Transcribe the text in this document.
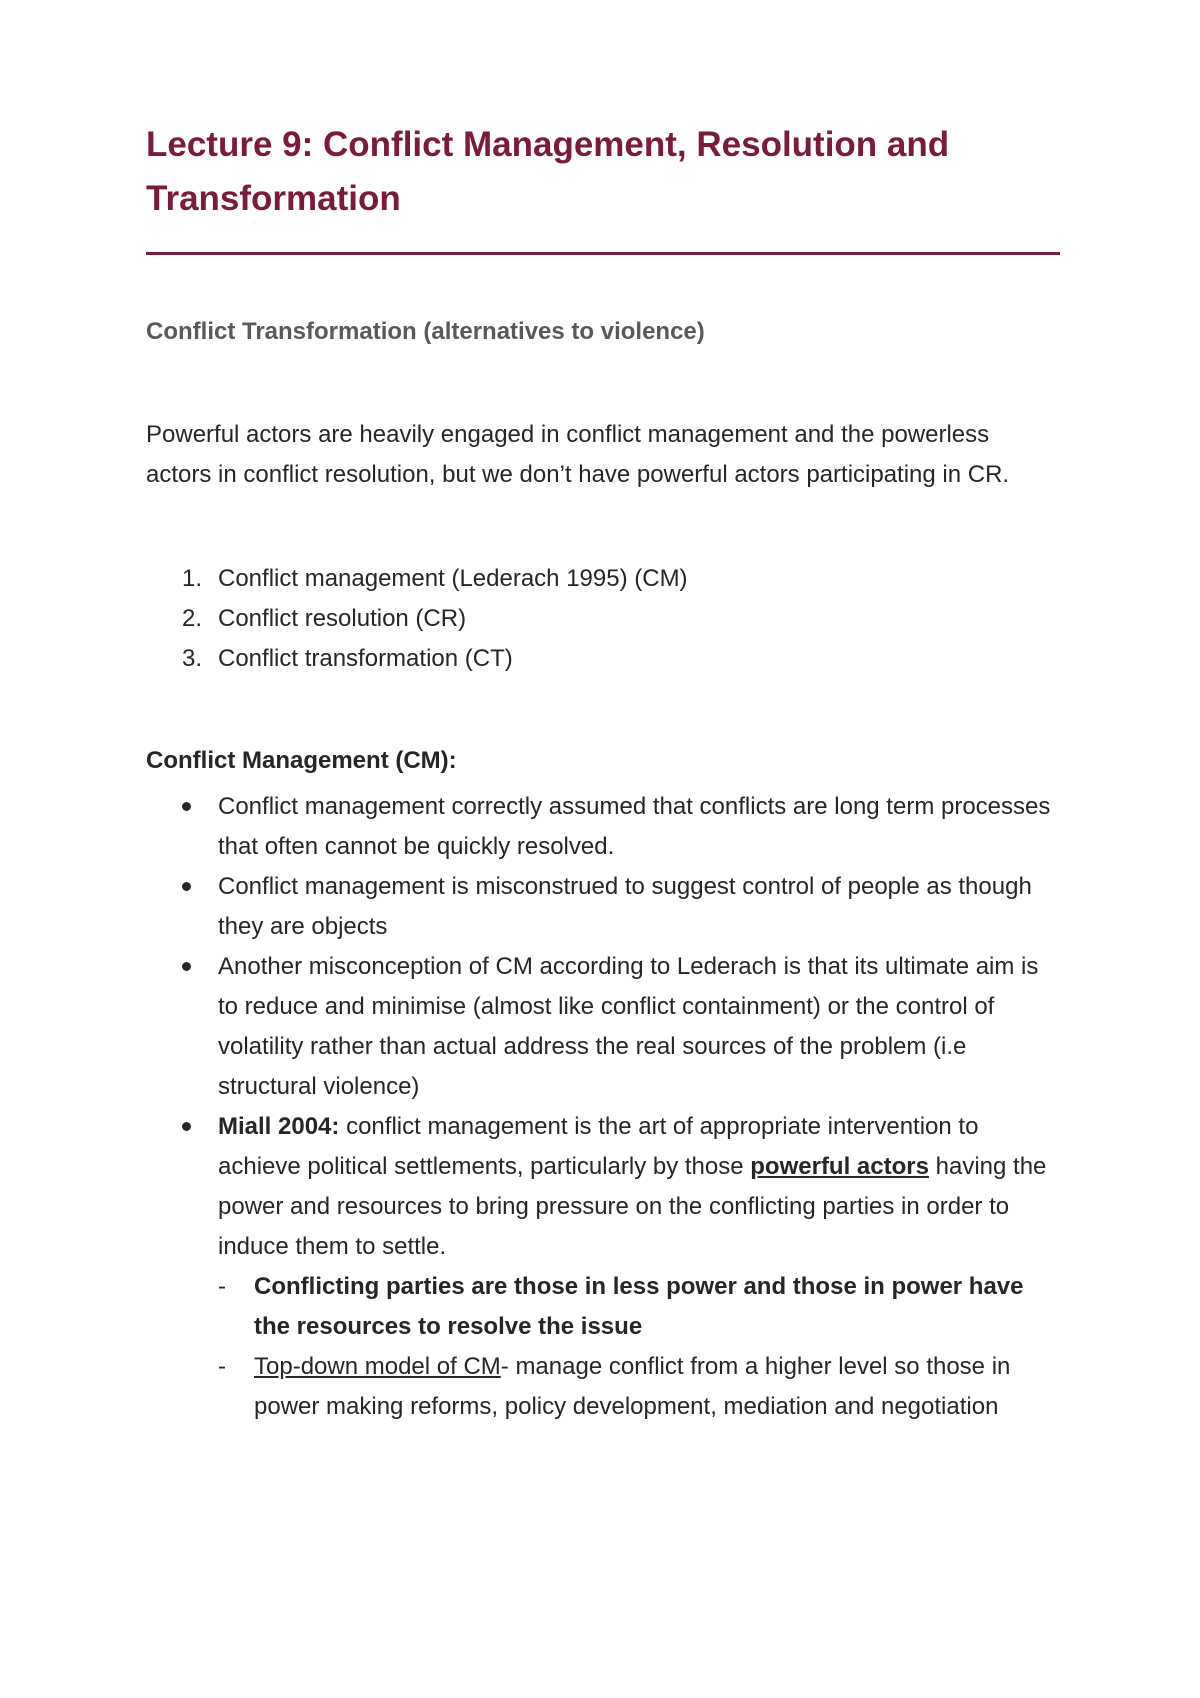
Lecture 9: Conflict Management, Resolution and
Transformation
Conflict Transformation (alternatives to violence)

Powerful actors are heavily engaged in conflict management and the powerless actors in conflict resolution, but we don’t have powerful actors participating in CR.

1. Conflict management (Lederach 1995) (CM)
2. Conflict resolution (CR)
3. Conflict transformation (CT)
Conflict Management (CM):
Conflict management correctly assumed that conflicts are long term processes that often cannot be quickly resolved.
Conflict management is misconstrued to suggest control of people as though they are objects
Another misconception of CM according to Lederach is that its ultimate aim is to reduce and minimise (almost like conflict containment) or the control of volatility rather than actual address the real sources of the problem (i.e structural violence)
Miall 2004: conflict management is the art of appropriate intervention to achieve political settlements, particularly by those powerful actors having the power and resources to bring pressure on the conflicting parties in order to induce them to settle.
- Conflicting parties are those in less power and those in power have the resources to resolve the issue
- Top-down model of CM- manage conflict from a higher level so those in power making reforms, policy development, mediation and negotiation
